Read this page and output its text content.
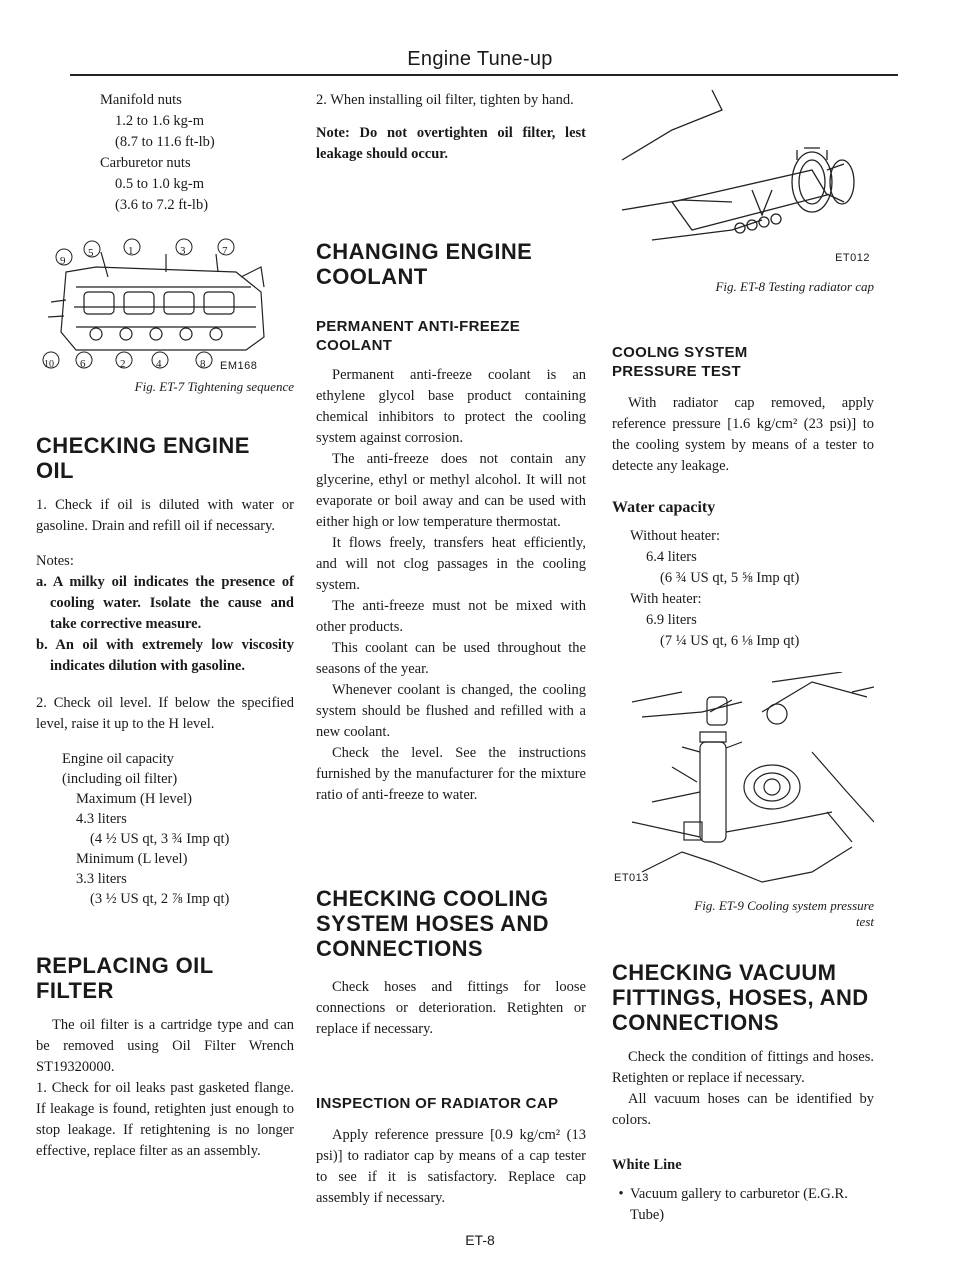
Engine Tune-up
Manifold nuts
1.2 to 1.6 kg-m
(8.7 to 11.6 ft-lb)
Carburetor nuts
0.5 to 1.0 kg-m
(3.6 to 7.2 ft-lb)
9
5	1	3	7
10 6	2	4	8 EM168
Fig. ET-7 Tightening sequence
CHECKING ENGINE OIL

1. Check if oil is diluted with water or gasoline. Drain and refill oil if necessary.

Notes:

a. A milky oil indicates the presence of cooling water. Isolate the cause and take corrective measure.

b. An oil with extremely low viscosity indicates dilution with gasoline.

2. Check oil level. If below the specified level, raise it up to the H level.

Engine oil capacity
(including oil filter)
Maximum (H level)
4.3 liters
(4 ½ US qt, 3 ¾ Imp qt)
Minimum (L level)
3.3 liters
(3 ½ US qt, 2 ⅞ Imp qt)
REPLACING OIL FILTER

The oil filter is a cartridge type and can be removed using Oil Filter Wrench ST19320000.

1. Check for oil leaks past gasketed flange. If leakage is found, retighten just enough to stop leakage. If retightening is no longer effective, replace filter as an assembly.

2. When installing oil filter, tighten by hand.

Note: Do not overtighten oil filter, lest leakage should occur.

CHANGING ENGINE COOLANT
PERMANENT ANTI-FREEZE COOLANT

Permanent anti-freeze coolant is an ethylene glycol base product containing chemical inhibitors to protect the cooling system against corrosion.

The anti-freeze does not contain any glycerine, ethyl or methyl alcohol. It will not evaporate or boil away and can be used with either high or low temperature thermostat.

It flows freely, transfers heat efficiently, and will not clog passages in the cooling system.

The anti-freeze must not be mixed with other products.

This coolant can be used throughout the seasons of the year.

Whenever coolant is changed, the cooling system should be flushed and refilled with a new coolant.

Check the level. See the instructions furnished by the manufacturer for the mixture ratio of anti-freeze to water.

CHECKING COOLING SYSTEM HOSES AND CONNECTIONS

Check hoses and fittings for loose connections or deterioration. Retighten or replace if necessary.

INSPECTION OF RADIATOR CAP

Apply reference pressure [0.9 kg/cm² (13 psi)] to radiator cap by means of a cap tester to see if it is satisfactory. Replace cap assembly if necessary.

ET012
Fig. ET-8 Testing radiator cap
COOLNG SYSTEM PRESSURE TEST

With radiator cap removed, apply reference pressure [1.6 kg/cm² (23 psi)] to the cooling system by means of a tester to detecte any leakage.

Water capacity
Without heater:
6.4 liters
(6 ¾ US qt, 5 ⅝ Imp qt)
With heater:
6.9 liters
(7 ¼ US qt, 6 ⅛ Imp qt)
ET013
Fig. ET-9 Cooling system pressure
test
CHECKING VACUUM FITTINGS, HOSES, AND CONNECTIONS

Check the condition of fittings and hoses. Retighten or replace if necessary.

All vacuum hoses can be identified by colors.

White Line
• Vacuum gallery to carburetor (E.G.R. Tube)
ET-8
